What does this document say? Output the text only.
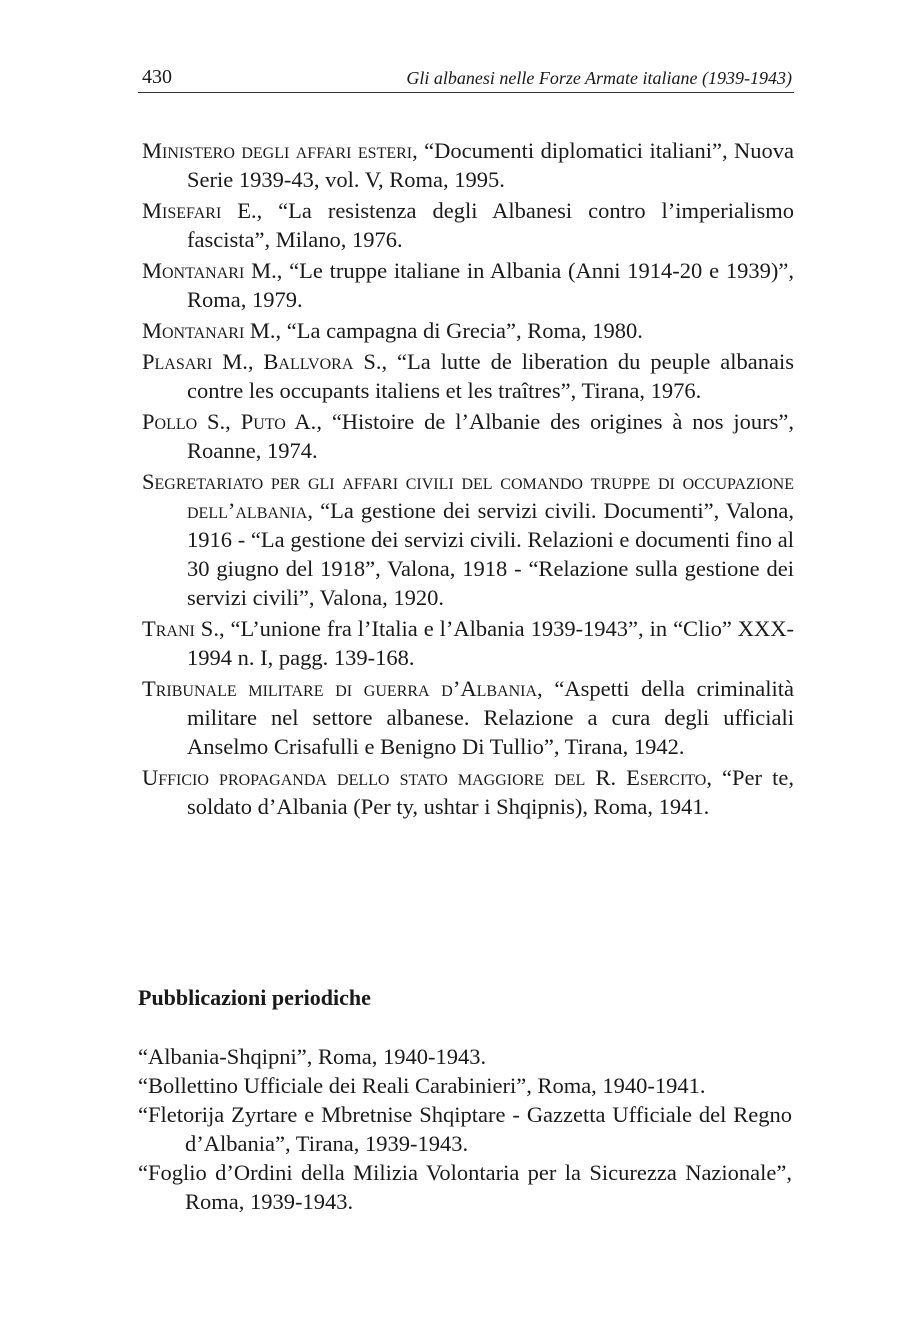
430	Gli albanesi nelle Forze Armate italiane (1939-1943)

Ministero degli affari esteri, “Documenti diplomatici italiani”, Nuova Serie 1939-43, vol. V, Roma, 1995.

Misefari E., “La resistenza degli Albanesi contro l’imperialismo fascista”, Milano, 1976.

Montanari M., “Le truppe italiane in Albania (Anni 1914-20 e 1939)”, Roma, 1979.

Montanari M., “La campagna di Grecia”, Roma, 1980.

Plasari M., Ballvora S., “La lutte de liberation du peuple albanais contre les occupants italiens et les traîtres”, Tirana, 1976.

Pollo S., Puto A., “Histoire de l’Albanie des origines à nos jours”, Roanne, 1974.

Segretariato per gli affari civili del comando truppe di occupazione dell’albania, “La gestione dei servizi civili. Documenti”, Valona, 1916 - “La gestione dei servizi civili. Relazioni e documenti fino al 30 giugno del 1918”, Valona, 1918 - “Relazione sulla gestione dei servizi civili”, Valona, 1920.

Trani S., “L’unione fra l’Italia e l’Albania 1939-1943”, in “Clio” XXX-1994 n. I, pagg. 139-168.

Tribunale militare di guerra d’Albania, “Aspetti della criminalità militare nel settore albanese. Relazione a cura degli ufficiali Anselmo Crisafulli e Benigno Di Tullio”, Tirana, 1942.

Ufficio propaganda dello stato maggiore del R. Esercito, “Per te, soldato d’Albania (Per ty, ushtar i Shqipnis), Roma, 1941.

Pubblicazioni periodiche

“Albania-Shqipni”, Roma, 1940-1943.

“Bollettino Ufficiale dei Reali Carabinieri”, Roma, 1940-1941.

“Fletorija Zyrtare e Mbretnise Shqiptare - Gazzetta Ufficiale del Regno d’Albania”, Tirana, 1939-1943.

“Foglio d’Ordini della Milizia Volontaria per la Sicurezza Nazionale”, Roma, 1939-1943.
